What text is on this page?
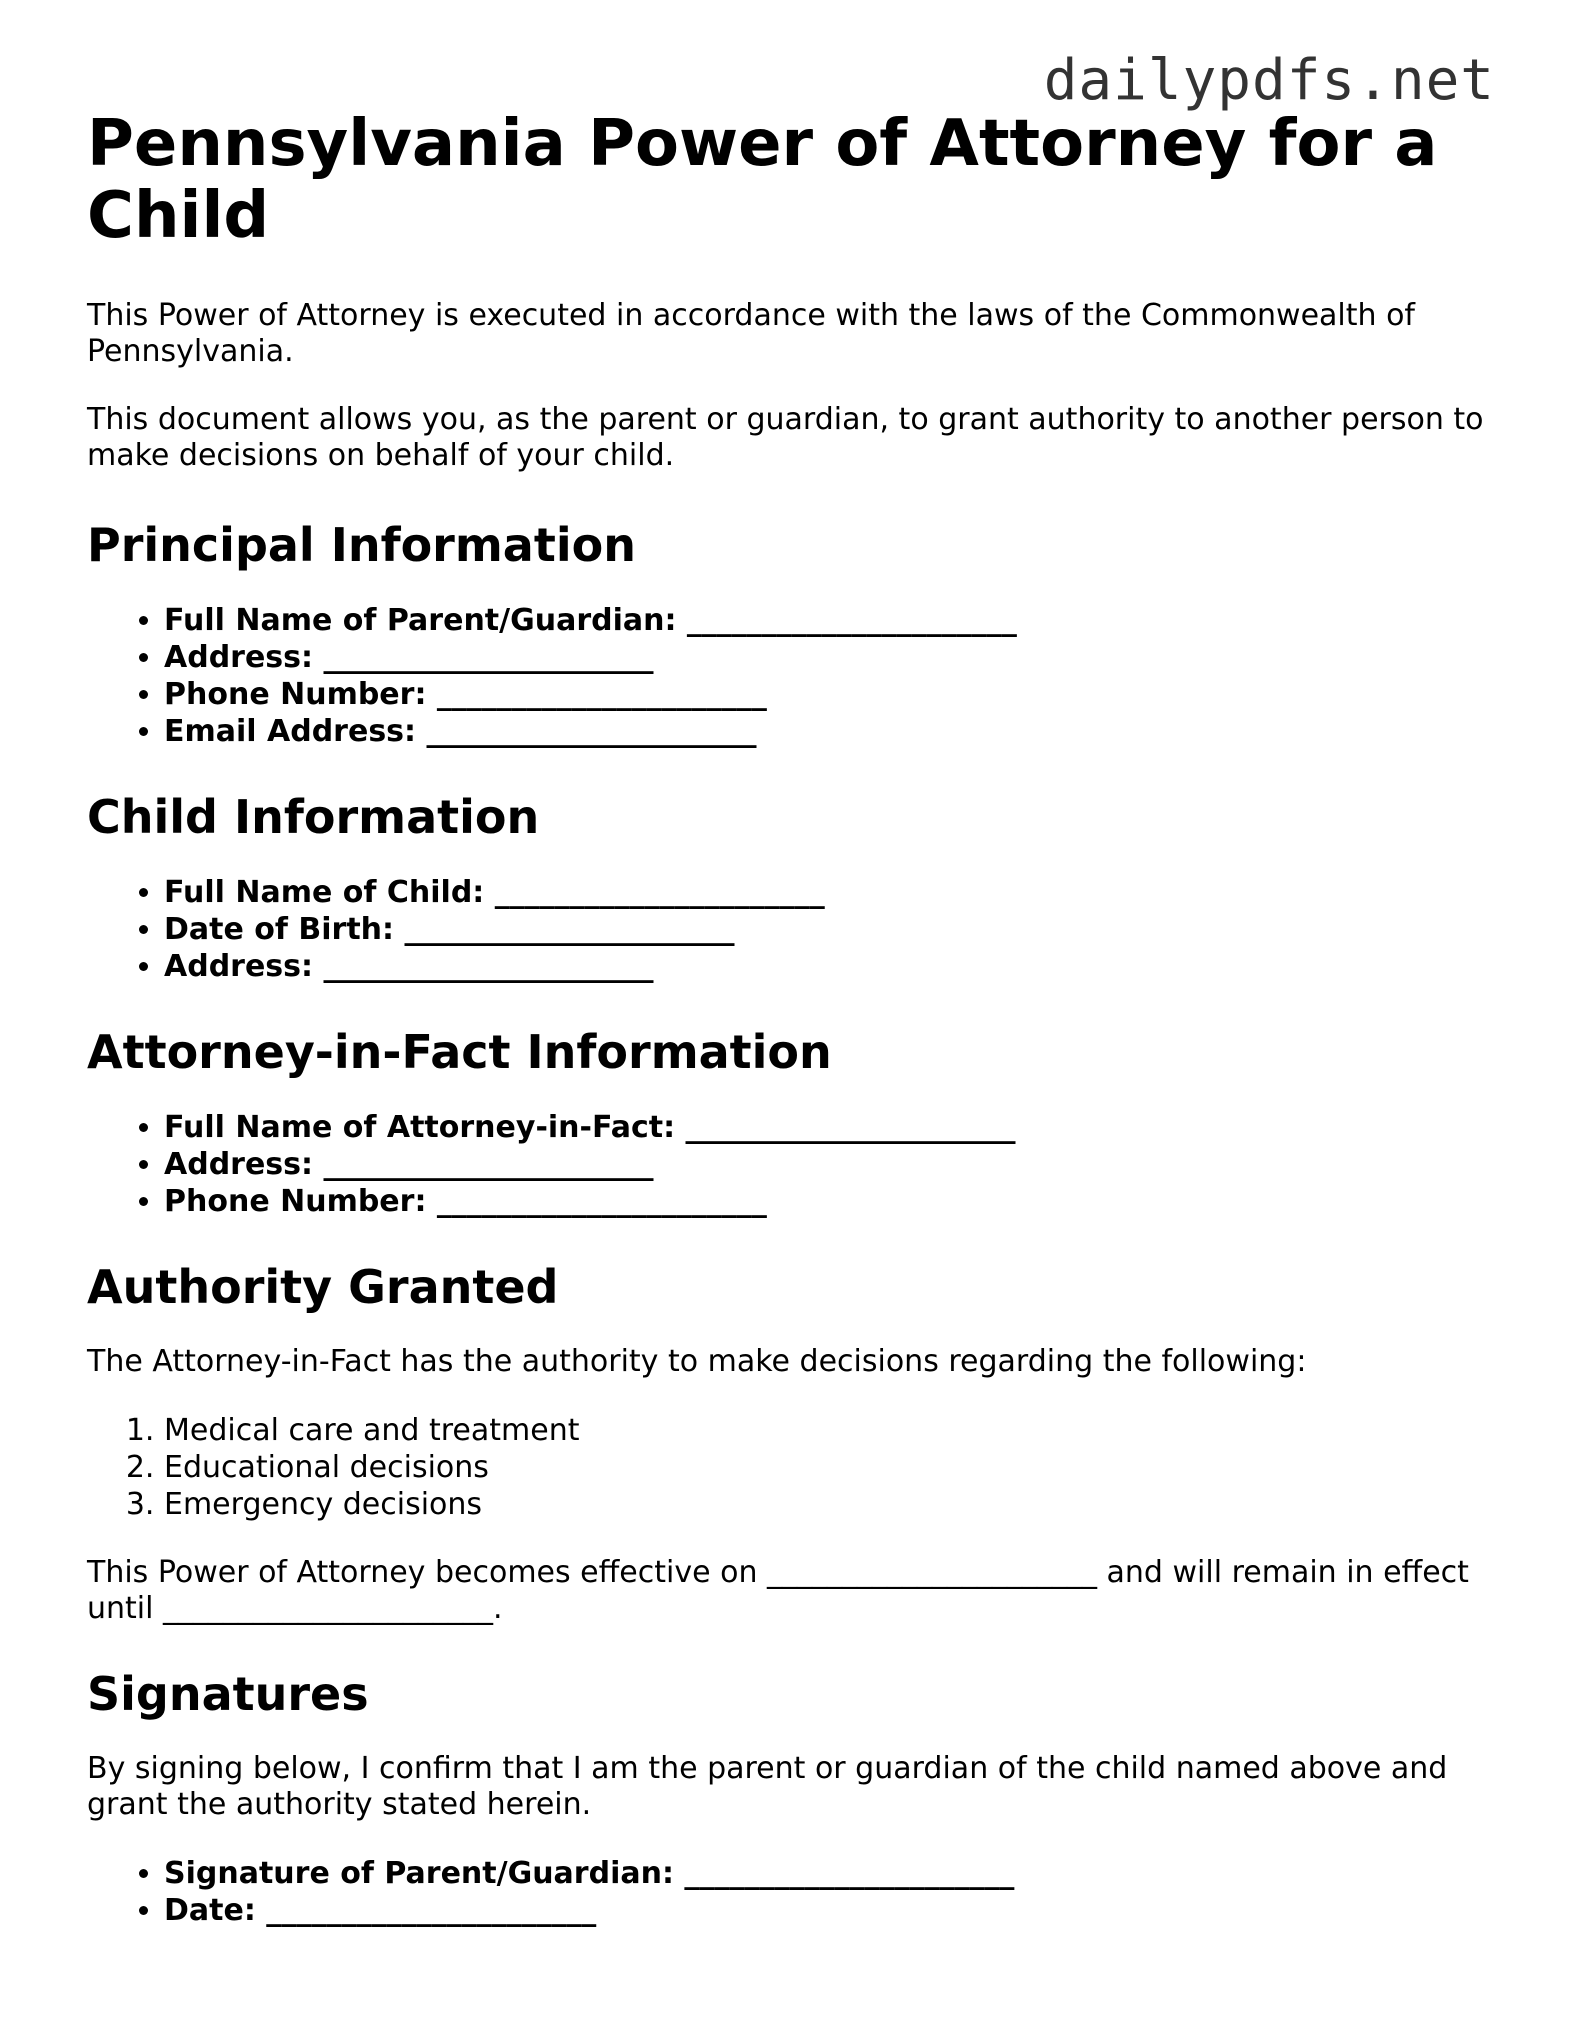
dailypdfs.net
Pennsylvania Power of Attorney for a Child

This Power of Attorney is executed in accordance with the laws of the Commonwealth of Pennsylvania.

This document allows you, as the parent or guardian, to grant authority to another person to make decisions on behalf of your child.

Principal Information
• Full Name of Parent/Guardian: ______________________
• Address: ______________________
• Phone Number: ______________________
• Email Address: ______________________
Child Information
• Full Name of Child: ______________________
• Date of Birth: ______________________
• Address: ______________________
Attorney-in-Fact Information
• Full Name of Attorney-in-Fact: ______________________
• Address: ______________________
• Phone Number: ______________________
Authority Granted

The Attorney-in-Fact has the authority to make decisions regarding the following:

1. Medical care and treatment
2. Educational decisions
3. Emergency decisions

This Power of Attorney becomes effective on ______________________ and will remain in effect until ______________________.

Signatures

By signing below, I confirm that I am the parent or guardian of the child named above and grant the authority stated herein.

• Signature of Parent/Guardian: ______________________
• Date: ______________________
